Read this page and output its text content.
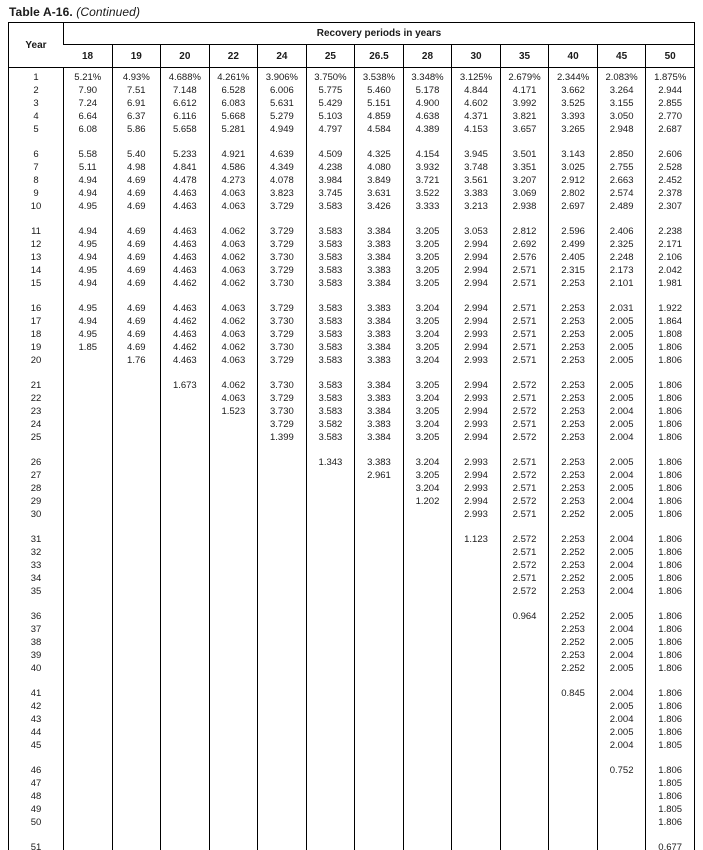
Table A-16. (Continued)
Year	Recovery periods in years												
	18	19	20	22	24	25	26.5	28	30	35	40	45	50
1	5.21%	4.93%	4.688%	4.261%	3.906%	3.750%	3.538%	3.348%	3.125%	2.679%	2.344%	2.083%	1.875%
2	7.90	7.51	7.148	6.528	6.006	5.775	5.460	5.178	4.844	4.171	3.662	3.264	2.944
3	7.24	6.91	6.612	6.083	5.631	5.429	5.151	4.900	4.602	3.992	3.525	3.155	2.855
4	6.64	6.37	6.116	5.668	5.279	5.103	4.859	4.638	4.371	3.821	3.393	3.050	2.770
5	6.08	5.86	5.658	5.281	4.949	4.797	4.584	4.389	4.153	3.657	3.265	2.948	2.687

6	5.58	5.40	5.233	4.921	4.639	4.509	4.325	4.154	3.945	3.501	3.143	2.850	2.606
7	5.11	4.98	4.841	4.586	4.349	4.238	4.080	3.932	3.748	3.351	3.025	2.755	2.528
8	4.94	4.69	4.478	4.273	4.078	3.984	3.849	3.721	3.561	3.207	2.912	2.663	2.452
9	4.94	4.69	4.463	4.063	3.823	3.745	3.631	3.522	3.383	3.069	2.802	2.574	2.378
10	4.95	4.69	4.463	4.063	3.729	3.583	3.426	3.333	3.213	2.938	2.697	2.489	2.307

11	4.94	4.69	4.463	4.062	3.729	3.583	3.384	3.205	3.053	2.812	2.596	2.406	2.238
12	4.95	4.69	4.463	4.063	3.729	3.583	3.383	3.205	2.994	2.692	2.499	2.325	2.171
13	4.94	4.69	4.463	4.062	3.730	3.583	3.384	3.205	2.994	2.576	2.405	2.248	2.106
14	4.95	4.69	4.463	4.063	3.729	3.583	3.383	3.205	2.994	2.571	2.315	2.173	2.042
15	4.94	4.69	4.462	4.062	3.730	3.583	3.384	3.205	2.994	2.571	2.253	2.101	1.981

16	4.95	4.69	4.463	4.063	3.729	3.583	3.383	3.204	2.994	2.571	2.253	2.031	1.922
17	4.94	4.69	4.462	4.062	3.730	3.583	3.384	3.205	2.994	2.571	2.253	2.005	1.864
18	4.95	4.69	4.463	4.063	3.729	3.583	3.383	3.204	2.993	2.571	2.253	2.005	1.808
19	1.85	4.69	4.462	4.062	3.730	3.583	3.384	3.205	2.994	2.571	2.253	2.005	1.806
20		1.76	4.463	4.063	3.729	3.583	3.383	3.204	2.993	2.571	2.253	2.005	1.806

21			1.673	4.062	3.730	3.583	3.384	3.205	2.994	2.572	2.253	2.005	1.806
22				4.063	3.729	3.583	3.383	3.204	2.993	2.571	2.253	2.005	1.806
23				1.523	3.730	3.583	3.384	3.205	2.994	2.572	2.253	2.004	1.806
24					3.729	3.582	3.383	3.204	2.993	2.571	2.253	2.005	1.806
25					1.399	3.583	3.384	3.205	2.994	2.572	2.253	2.004	1.806

26						1.343	3.383	3.204	2.993	2.571	2.253	2.005	1.806
27							2.961	3.205	2.994	2.572	2.253	2.004	1.806
28								3.204	2.993	2.571	2.253	2.005	1.806
29								1.202	2.994	2.572	2.253	2.004	1.806
30									2.993	2.571	2.252	2.005	1.806

31									1.123	2.572	2.253	2.004	1.806
32										2.571	2.252	2.005	1.806
33										2.572	2.253	2.004	1.806
34										2.571	2.252	2.005	1.806
35										2.572	2.253	2.004	1.806

36										0.964	2.252	2.005	1.806
37											2.253	2.004	1.806
38											2.252	2.005	1.806
39											2.253	2.004	1.806
40											2.252	2.005	1.806

41											0.845	2.004	1.806
42												2.005	1.806
43												2.004	1.806
44												2.005	1.806
45												2.004	1.805

46												0.752	1.806
47													1.805
48													1.806
49													1.805
50													1.806

51													0.677
